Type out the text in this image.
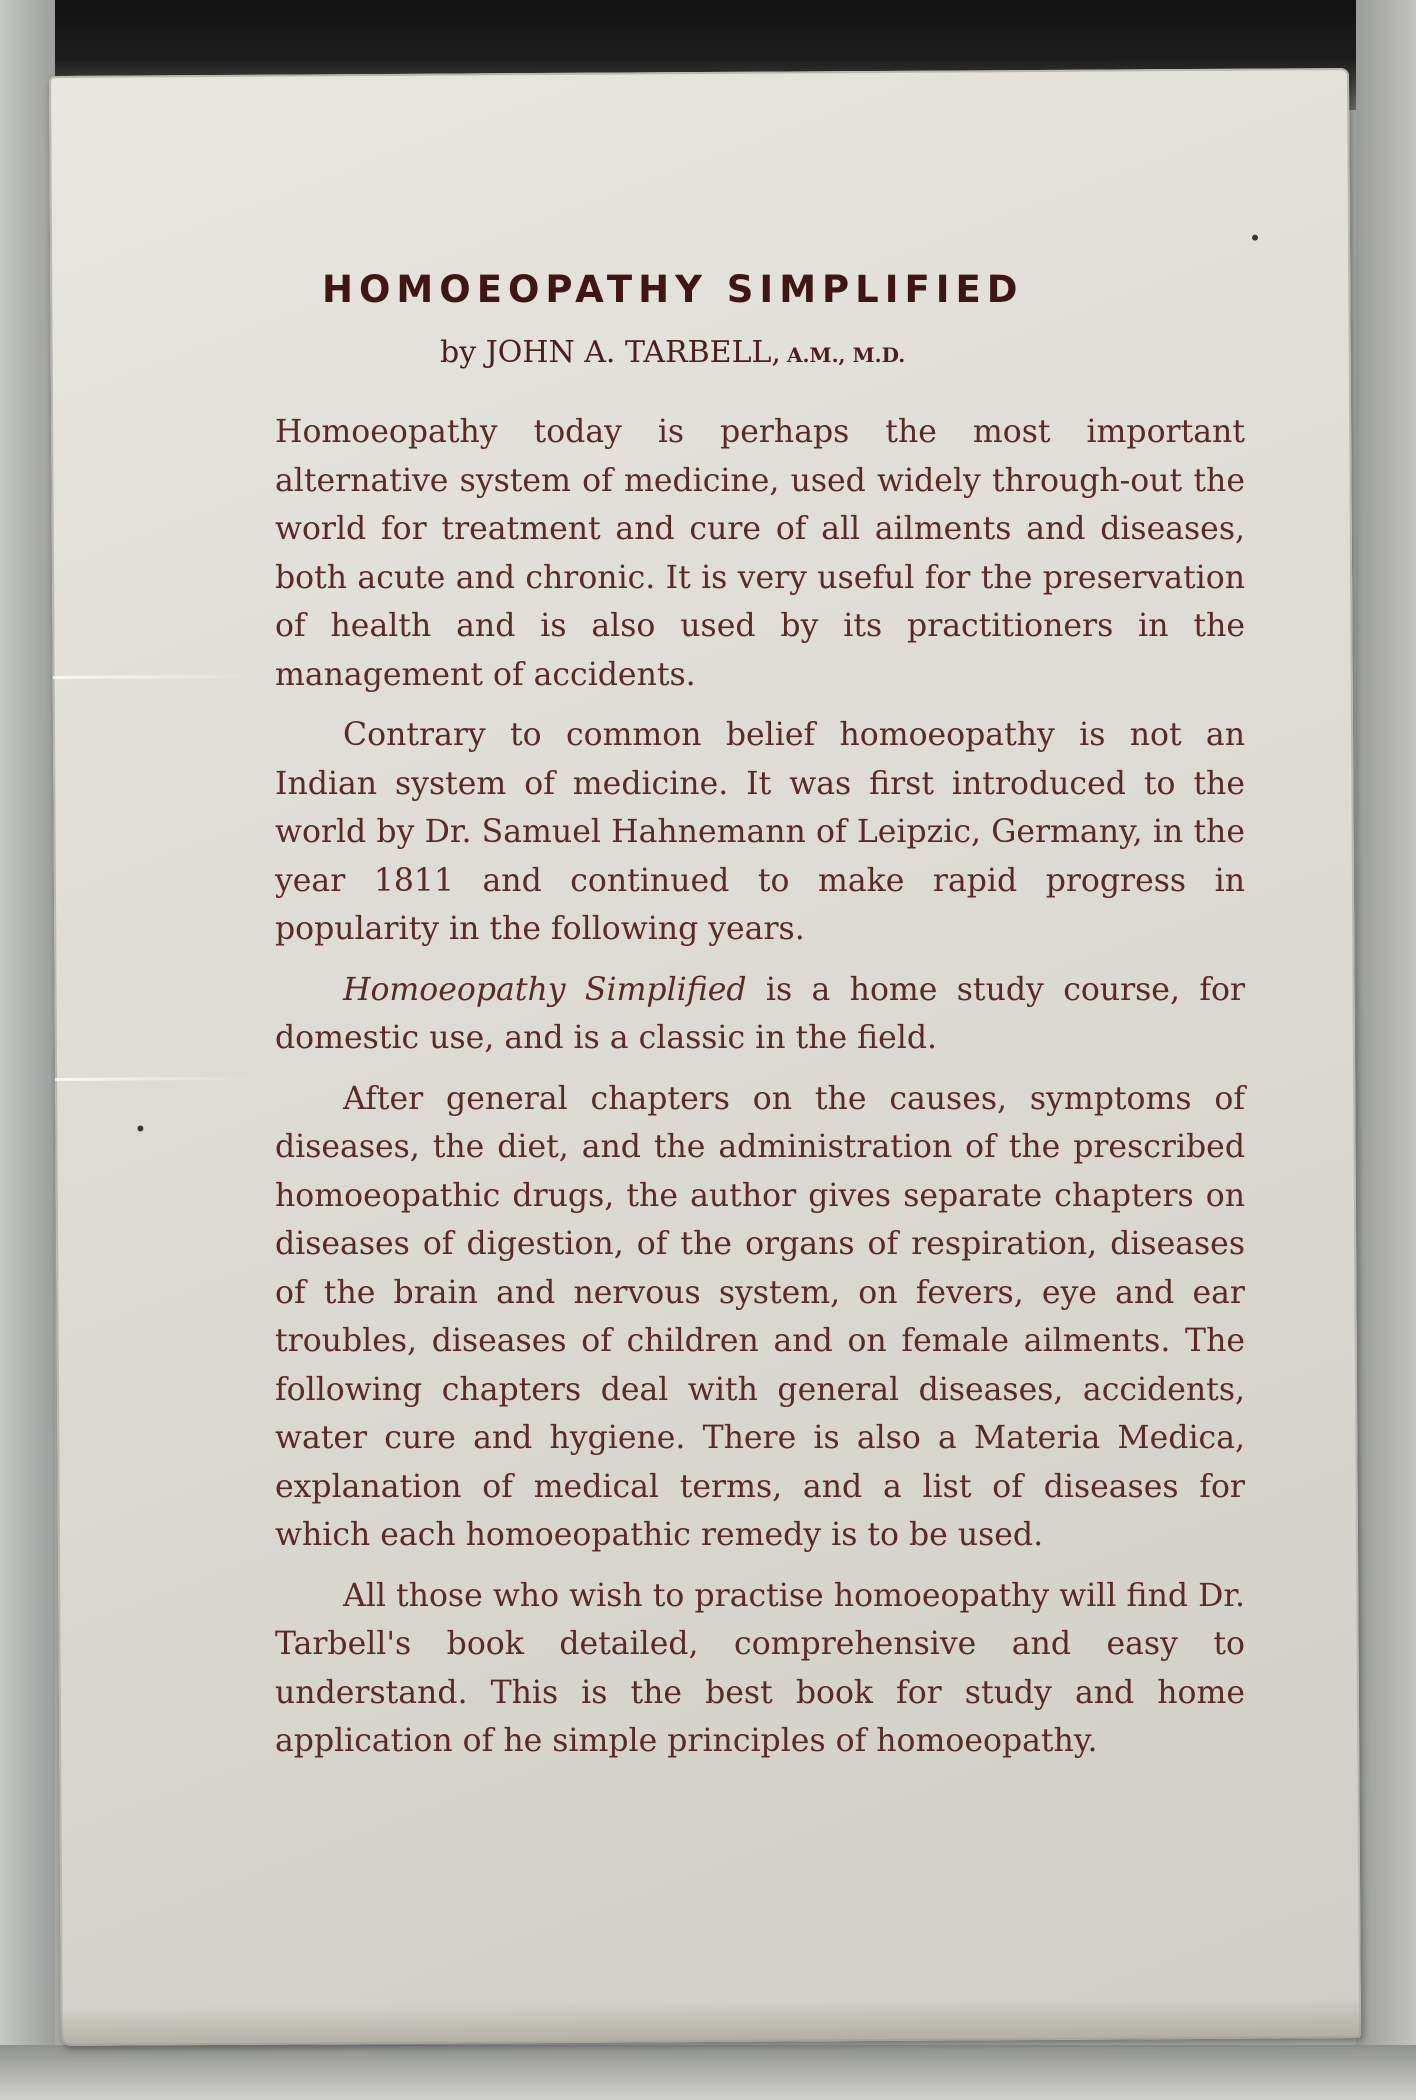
HOMOEOPATHY SIMPLIFIED
by JOHN A. TARBELL, A.M., M.D.

Homoeopathy today is perhaps the most important alternative system of medicine, used widely through-out the world for treatment and cure of all ailments and diseases, both acute and chronic. It is very useful for the preservation of health and is also used by its practitioners in the management of accidents.

Contrary to common belief homoeopathy is not an Indian system of medicine. It was first introduced to the world by Dr. Samuel Hahnemann of Leipzic, Germany, in the year 1811 and continued to make rapid progress in popularity in the following years.

Homoeopathy Simplified is a home study course, for domestic use, and is a classic in the field.

After general chapters on the causes, symptoms of diseases, the diet, and the administration of the prescribed homoeopathic drugs, the author gives separate chapters on diseases of digestion, of the organs of respiration, diseases of the brain and nervous system, on fevers, eye and ear troubles, diseases of children and on female ailments. The following chapters deal with general diseases, accidents, water cure and hygiene. There is also a Materia Medica, explanation of medical terms, and a list of diseases for which each homoeopathic remedy is to be used.

All those who wish to practise homoeopathy will find Dr. Tarbell's book detailed, comprehensive and easy to understand. This is the best book for study and home application of he simple principles of homoeopathy.
